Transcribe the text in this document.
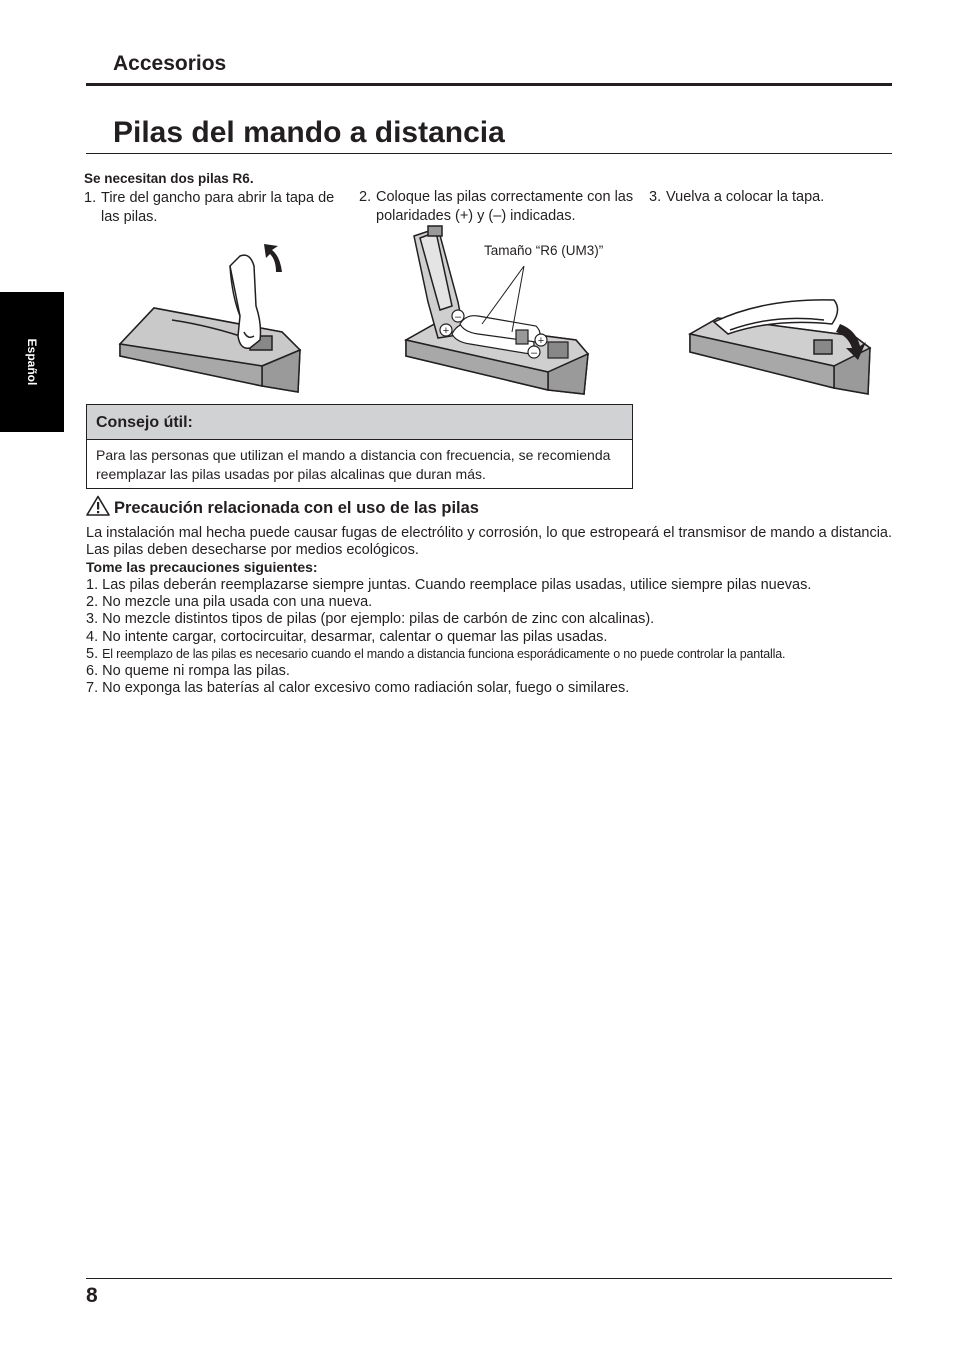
Accesorios
Pilas del mando a distancia
Español
Se necesitan dos pilas R6.
1. Tire del gancho para abrir la tapa de las pilas.
2. Coloque las pilas correctamente con las polaridades (+) y (–) indicadas.
3. Vuelva a colocar la tapa.
+
–
+
–
Tamaño “R6 (UM3)”
Consejo útil:
Para las personas que utilizan el mando a distancia con frecuencia, se recomienda reemplazar las pilas usadas por pilas alcalinas que duran más.
Precaución relacionada con el uso de las pilas
La instalación mal hecha puede causar fugas de electrólito y corrosión, lo que estropeará el transmisor de mando a distancia. Las pilas deben desecharse por medios ecológicos.
Tome las precauciones siguientes:
1. Las pilas deberán reemplazarse siempre juntas. Cuando reemplace pilas usadas, utilice siempre pilas nuevas.
2. No mezcle una pila usada con una nueva.
3. No mezcle distintos tipos de pilas (por ejemplo: pilas de carbón de zinc con alcalinas).
4. No intente cargar, cortocircuitar, desarmar, calentar o quemar las pilas usadas.
5. El reemplazo de las pilas es necesario cuando el mando a distancia funciona esporádicamente o no puede controlar la pantalla.
6. No queme ni rompa las pilas.
7. No exponga las baterías al calor excesivo como radiación solar, fuego o similares.
8
